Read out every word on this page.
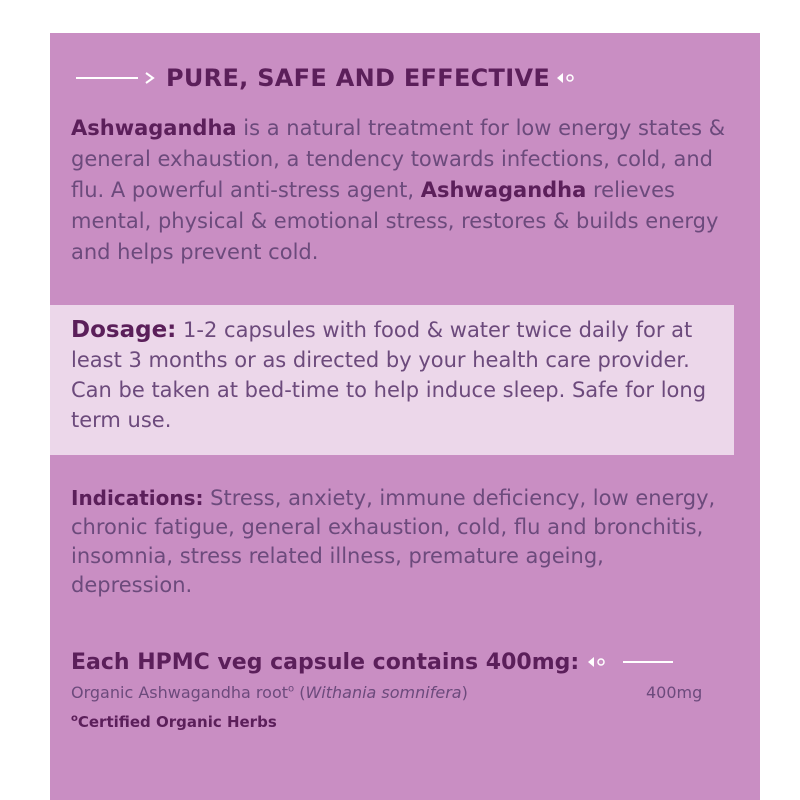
PURE, SAFE AND EFFECTIVE
Ashwagandha is a natural treatment for low energy states & general exhaustion, a tendency towards infections, cold, and flu. A powerful anti-stress agent, Ashwagandha relieves mental, physical & emotional stress, restores & builds energy and helps prevent cold.
Dosage: 1-2 capsules with food & water twice daily for at least 3 months or as directed by your health care provider. Can be taken at bed-time to help induce sleep. Safe for long term use.
Indications: Stress, anxiety, immune deficiency, low energy, chronic fatigue, general exhaustion, cold, flu and bronchitis, insomnia, stress related illness, premature ageing, depression.
Each HPMC veg capsule contains 400mg:
Organic Ashwagandha root$^o$ (Withania somnifera)	400mg
$^o$Certified Organic Herbs
